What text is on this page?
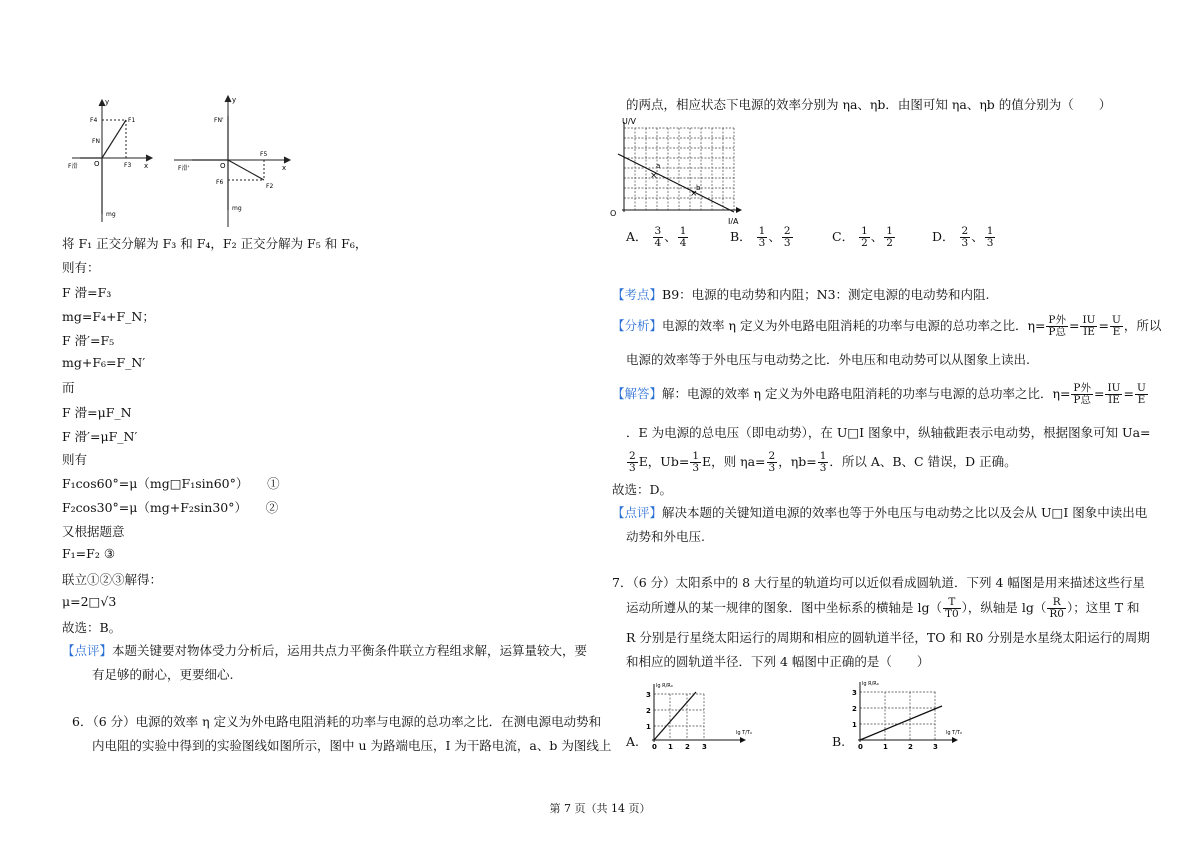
y
F4	F1
FN
O	F3 x
F滑
mg
y
FN'
O
F5
x
F滑'
F6
F2
mg
将 F₁ 正交分解为 F₃ 和 F₄，F₂ 正交分解为 F₅ 和 F₆，
则有：
F 滑=F₃
mg=F₄+F_N；
F 滑′=F₅
mg+F₆=F_N′
而
F 滑=μF_N
F 滑′=μF_N′
则有
F₁cos60°=μ（mg□F₁sin60°）　　①
F₂cos30°=μ（mg+F₂sin30°）　　②
又根据题意
F₁=F₂ ③
联立①②③解得：
μ=2□√3
故选：B。
【点评】本题关键要对物体受力分析后，运用共点力平衡条件联立方程组求解，运算量较大，要
有足够的耐心，更要细心.
6．（6 分）电源的效率 η 定义为外电路电阻消耗的功率与电源的总功率之比．在测电源电动势和
内电阻的实验中得到的实验图线如图所示，图中 u 为路端电压，I 为干路电流，a、b 为图线上
的两点，相应状态下电源的效率分别为 ηa、ηb．由图可知 ηa、ηb 的值分别为（　　）
×
×
a
b
U/V
O
I/A
A． $\frac{3}{4}$ 、 $\frac{1}{4}$	B． $\frac{1}{3}$ 、 $\frac{2}{3}$	C． $\frac{1}{2}$ 、 $\frac{1}{2}$	D． $\frac{2}{3}$ 、 $\frac{1}{3}$
【考点】B9：电源的电动势和内阻；N3：测定电源的电动势和内阻.
【分析】电源的效率 η 定义为外电路电阻消耗的功率与电源的总功率之比．$\eta= \frac{\text{P外}}{\text{P总}} = \frac{IU}{IE} = \frac{U}{E}$ ，所以
电源的效率等于外电压与电动势之比．外电压和电动势可以从图象上读出.
【解答】解：电源的效率 η 定义为外电路电阻消耗的功率与电源的总功率之比．$\eta= \frac{\text{P外}}{\text{P总}} = \frac{IU}{IE} = \frac{U}{E}$
．E 为电源的总电压（即电动势），在 U□I 图象中，纵轴截距表示电动势，根据图象可知 Ua=
$\frac{2}{3}$ E，$Ub= \frac{1}{3}$ E，则 $\eta a= \frac{2}{3}$ ，$\eta b= \frac{1}{3}$ ．所以 A、B、C 错误，D 正确。
故选：D。
【点评】解决本题的关键知道电源的效率也等于外电压与电动势之比以及会从 U□I 图象中读出电
动势和外电压.
7．（6 分）太阳系中的 8 大行星的轨道均可以近似看成圆轨道．下列 4 幅图是用来描述这些行星
运动所遵从的某一规律的图象．图中坐标系的横轴是 $\lg( \frac{T}{T0}$ ），纵轴是 $\lg( \frac{R}{R0}$ ）；这里 T 和
R 分别是行星绕太阳运行的周期和相应的圆轨道半径，TO 和 R0 分别是水星绕太阳运行的周期
和相应的圆轨道半径．下列 4 幅图中正确的是（　　）
A.
3
2
1
0 1 2 3
lg R/R₀
lg T/T₀
B.
3
2
1
0	1	2	3
lg R/R₀
lg T/T₀
第 7 页（共 14 页）
